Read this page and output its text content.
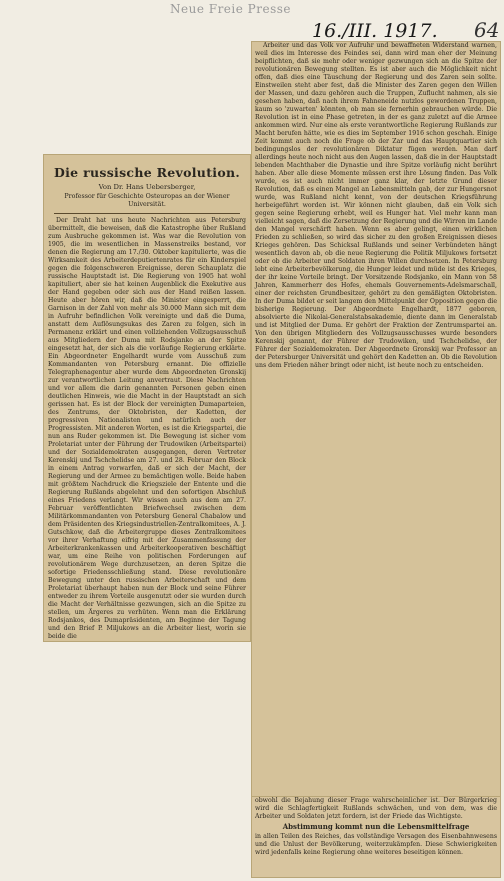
Neue Freie Presse
16./III. 1917. 64
Die russische Revolution.
Von Dr. Hans Uebersberger,
Professor für Geschichte Osteuropas an der Wiener Universität.

Der Draht hat uns heute Nachrichten aus Petersburg übermittelt, die beweisen, daß die Katastrophe über Rußland zum Ausbruche gekommen ist. Was war die Revolution von 1905, die im wesentlichen in Massenstreiks bestand, vor denen die Regierung am 17./30. Oktober kapitulierte, was die Wirksamkeit des Arbeiterdeputiertenrates für ein Kinderspiel gegen die folgenschweren Ereignisse, deren Schauplatz die russische Hauptstadt ist. Die Regierung von 1905 hat wohl kapituliert, aber sie hat keinen Augenblick die Exekutive aus der Hand gegeben oder sich aus der Hand reißen lassen. Heute aber hören wir, daß die Minister eingesperrt, die Garnison in der Zahl von mehr als 30.000 Mann sich mit dem in Aufruhr befindlichen Volk vereinigte und daß die Duma, anstatt dem Auflösungsukas des Zaren zu folgen, sich in Permanenz erklärt und einen vollziehenden Vollzugsausschuß aus Mitgliedern der Duma mit Rodsjanko an der Spitze eingesetzt hat, der sich als die vorläufige Regierung erklärte. Ein Abgeordneter Engelhardt wurde vom Ausschuß zum Kommandanten von Petersburg ernannt. Die offizielle Telegraphenagentur aber wurde dem Abgeordneten Gronskij zur verantwortlichen Leitung anvertraut. Diese Nachrichten und vor allem die darin genannten Personen geben einen deutlichen Hinweis, wie die Macht in der Hauptstadt an sich gerissen hat. Es ist der Block der vereinigten Dumaparteien, des Zentrums, der Oktobristen, der Kadetten, der progressiven Nationalisten und natürlich auch der Progressisten. Mit anderen Worten, es ist die Kriegspartei, die nun ans Ruder gekommen ist. Die Bewegung ist sicher vom Proletariat unter der Führung der Trudowiken (Arbeitspartei) und der Sozialdemokraten ausgegangen, deren Vertreter Kerenskij und Tschchelidse am 27. und 28. Februar den Block in einem Antrag vorwarfen, daß er sich der Macht, der Regierung und der Armee zu bemächtigen wolle. Beide haben mit größtem Nachdruck die Kriegsziele der Entente und die Regierung Rußlands abgelehnt und den sofortigen Abschluß eines Friedens verlangt. Wir wissen auch aus dem am 27. Februar veröffentlichten Briefwechsel zwischen dem Militärkommandanten von Petersburg General Chabalow und dem Präsidenten des Kriegsindustriellen-Zentralkomitees, A. J. Gutschkow, daß die Arbeitergruppe dieses Zentralkomitees vor ihrer Verhaftung eifrig mit der Zusammenfassung der Arbeiterkrankenkassen und Arbeiterkooperativen beschäftigt war, um eine Reihe von politischen Forderungen auf revolutionärem Wege durchzusetzen, an deren Spitze die sofortige Friedensschließung stand. Diese revolutionäre Bewegung unter den russischen Arbeiterschaft und dem Proletariat überhaupt haben nun der Block und seine Führer entweder zu ihrem Vorteile ausgenutzt oder sie wurden durch die Macht der Verhältnisse gezwungen, sich an die Spitze zu stellen, um Ärgeres zu verhüten. Wenn man die Erklärung Rodsjankos, des Dumapräsidenten, am Beginne der Tagung und den Brief P. Miljukows an die Arbeiter liest, worin sie beide die

Arbeiter und das Volk vor Aufruhr und bewaffneten Widerstand warnen, weil dies im Interesse des Feindes sei, dann wird man eher der Meinung beipflichten, daß sie mehr oder weniger gezwungen sich an die Spitze der revolutionären Bewegung stellten. Es ist aber auch die Möglichkeit nicht offen, daß dies eine Täuschung der Regierung und des Zaren sein sollte. Einstweilen steht aber fest, daß die Minister des Zaren gegen den Willen der Massen, und dazu gehören auch die Truppen, Zuflucht nahmen, als sie gesehen haben, daß nach ihrem Fahneneide nutzlos gewordenen Truppen, kaum so 'zuwarten' könnten, ob man sie fernerhin gebrauchen würde. Die Revolution ist in eine Phase getreten, in der es ganz zuletzt auf die Armee ankommen wird. Nur eine als erste verantwortliche Regierung Rußlands zur Macht berufen hätte, wie es dies im September 1916 schon geschah. Einige Zeit kommt auch noch die Frage ob der Zar und das Hauptquartier sich bedingungslos der revolutionären Diktatur fügen werden. Man darf allerdings heute noch nicht aus den Augen lassen, daß die in der Hauptstadt lebenden Machthaber die Dynastie und ihre Spitze vorläufig nicht berührt haben. Aber alle diese Momente müssen erst ihre Lösung finden. Das Volk wurde, es ist auch nicht immer ganz klar, der letzte Grund dieser Revolution, daß es einen Mangel an Lebensmitteln gab, der zur Hungersnot wurde, was Rußland nicht kennt, von der deutschen Kriegsführung herbeigeführt worden ist. Wir können nicht glauben, daß ein Volk sich gegen seine Regierung erhebt, weil es Hunger hat. Viel mehr kann man vielleicht sagen, daß die Zersetzung der Regierung und die Wirren im Lande den Mangel verschärft haben. Wenn es aber gelingt, einen wirklichen Frieden zu schließen, so wird das sicher zu den großen Ereignissen dieses Krieges gehören. Das Schicksal Rußlands und seiner Verbündeten hängt wesentlich davon ab, ob die neue Regierung die Politik Miljukows fortsetzt oder ob die Arbeiter und Soldaten ihren Willen durchsetzen. In Petersburg lebt eine Arbeiterbevölkerung, die Hunger leidet und müde ist des Krieges, der ihr keine Vorteile bringt. Der Vorsitzende Rodsjanko, ein Mann von 58 Jahren, Kammerherr des Hofes, ehemals Gouvernements-Adelsmarschall, einer der reichsten Grundbesitzer, gehört zu den gemäßigten Oktobristen. In der Duma bildet er seit langem den Mittelpunkt der Opposition gegen die bisherige Regierung. Der Abgeordnete Engelhardt, 1877 geboren, absolvierte die Nikolai-Generalstabsakademie, diente dann im Generalstab und ist Mitglied der Duma. Er gehört der Fraktion der Zentrumspartei an. Von den übrigen Mitgliedern des Vollzugsausschusses wurde besonders Kerenskij genannt, der Führer der Trudowiken, und Tschchelidse, der Führer der Sozialdemokraten. Der Abgeordnete Gronskij war Professor an der Petersburger Universität und gehört den Kadetten an. Ob die Revolution uns dem Frieden näher bringt oder nicht, ist heute noch zu entscheiden.

obwohl die Bejahung dieser Frage wahrscheinlicher ist. Der Bürgerkrieg wird die Schlagfertigkeit Rußlands schwächen, und von dem, was die Arbeiter und Soldaten jetzt fordern, ist der Friede das Wichtigste.

Abstimmung kommt nun die Lebensmittelfrage

in allen Teilen des Reiches, das vollständige Versagen des Eisenbahnwesens und die Unlust der Bevölkerung, weiterzukämpfen. Diese Schwierigkeiten wird jedenfalls keine Regierung ohne weiteres beseitigen können.
